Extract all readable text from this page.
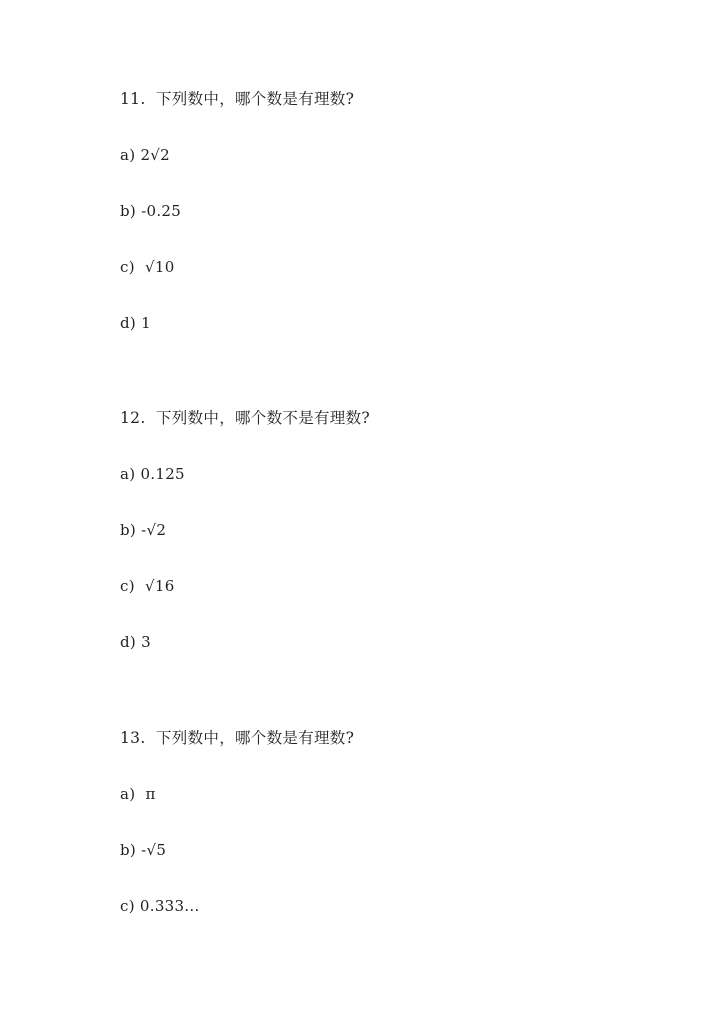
11.  下列数中，哪个数是有理数?
a) 2√2
b) -0.25
c)  √10
d) 1
12.  下列数中，哪个数不是有理数?
a) 0.125
b) -√2
c)  √16
d) 3
13.  下列数中，哪个数是有理数?
a)  π
b) -√5
c) 0.333...
